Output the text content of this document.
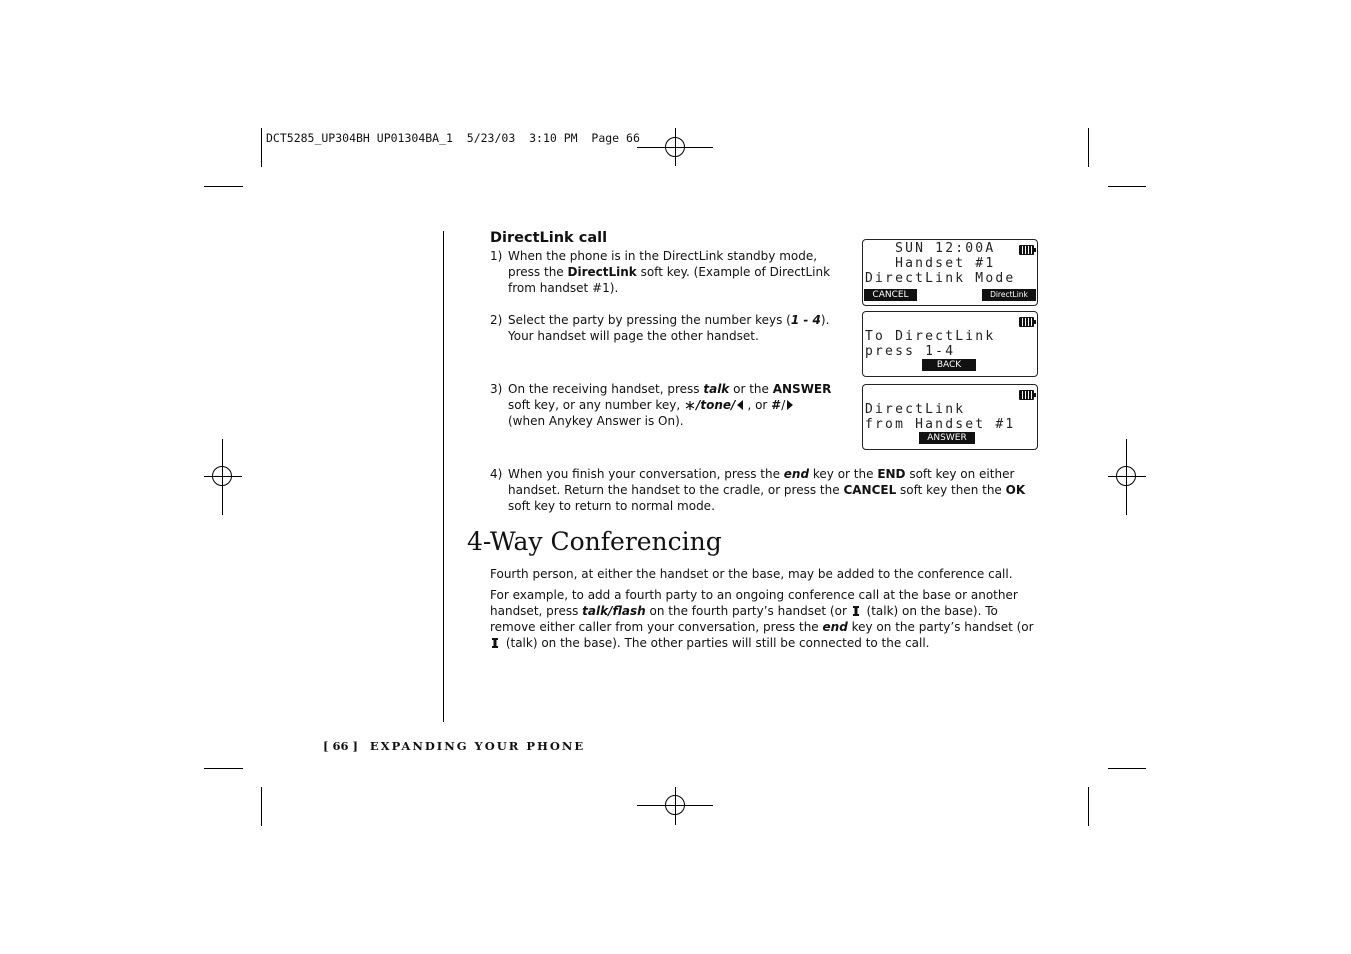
DCT5285_UP304BH UP01304BA_1  5/23/03  3:10 PM  Page 66
DirectLink call
1) When the phone is in the DirectLink standby mode, press the DirectLink soft key. (Example of DirectLink from handset #1).
2) Select the party by pressing the number keys (1 - 4). Your handset will page the other handset.
3) On the receiving handset, press talk or the ANSWER soft key, or any number key, /tone/ , or #/
(when Anykey Answer is On).
SUN 12:00A
Handset #1
DirectLink Mode
CANCEL	DirectLink
To DirectLink
press 1-4
BACK
DirectLink
from Handset #1
ANSWER
4) When you finish your conversation, press the end key or the END soft key on either handset. Return the handset to the cradle, or press the CANCEL soft key then the OK soft key to return to normal mode.
4-Way Conferencing
Fourth person, at either the handset or the base, may be added to the conference call.
For example, to add a fourth party to an ongoing conference call at the base or another handset, press talk/flash on the fourth party’s handset (or  (talk) on the base). To remove either caller from your conversation, press the end key on the party’s handset (or  (talk) on the base). The other parties will still be connected to the call.
[ 66 ] EXPANDING YOUR PHONE
